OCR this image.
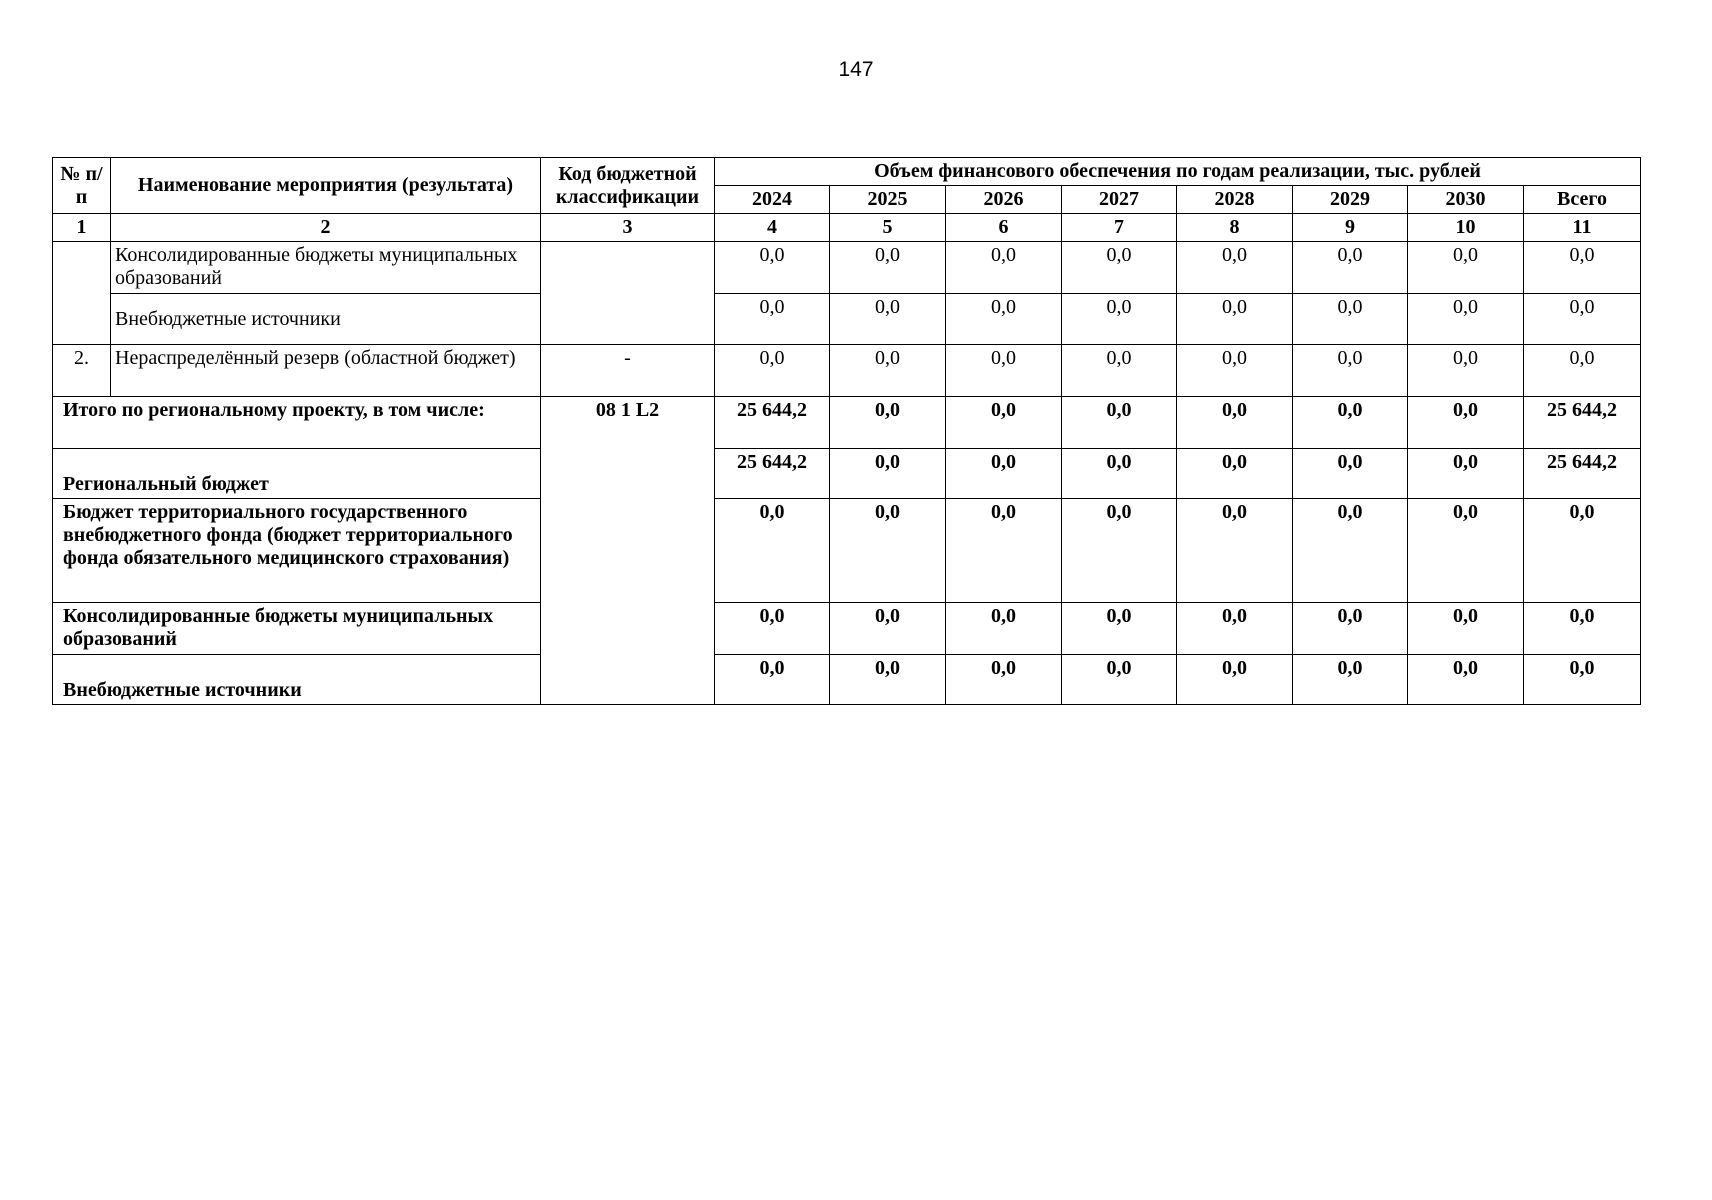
147
№ п/п	Наименование мероприятия (результата)	Код бюджетной классификации	Объем финансового обеспечения по годам реализации, тыс. рублей							
			2024	2025	2026	2027	2028	2029	2030	Всего
1	2	3	4	5	6	7	8	9	10	11
	Консолидированные бюджеты муниципальных образований		0,0	0,0	0,0	0,0	0,0	0,0	0,0	0,0
	Внебюджетные источники		0,0	0,0	0,0	0,0	0,0	0,0	0,0	0,0
2.	Нераспределённый резерв (областной бюджет)	-	0,0	0,0	0,0	0,0	0,0	0,0	0,0	0,0
Итого по региональному проекту, в том числе:		08 1 L2	25 644,2	0,0	0,0	0,0	0,0	0,0	0,0	25 644,2
Региональный бюджет			25 644,2	0,0	0,0	0,0	0,0	0,0	0,0	25 644,2
Бюджет территориального государственного внебюджетного фонда (бюджет территориального фонда обязательного медицинского страхования)			0,0	0,0	0,0	0,0	0,0	0,0	0,0	0,0
Консолидированные бюджеты муниципальных образований			0,0	0,0	0,0	0,0	0,0	0,0	0,0	0,0
Внебюджетные источники			0,0	0,0	0,0	0,0	0,0	0,0	0,0	0,0
